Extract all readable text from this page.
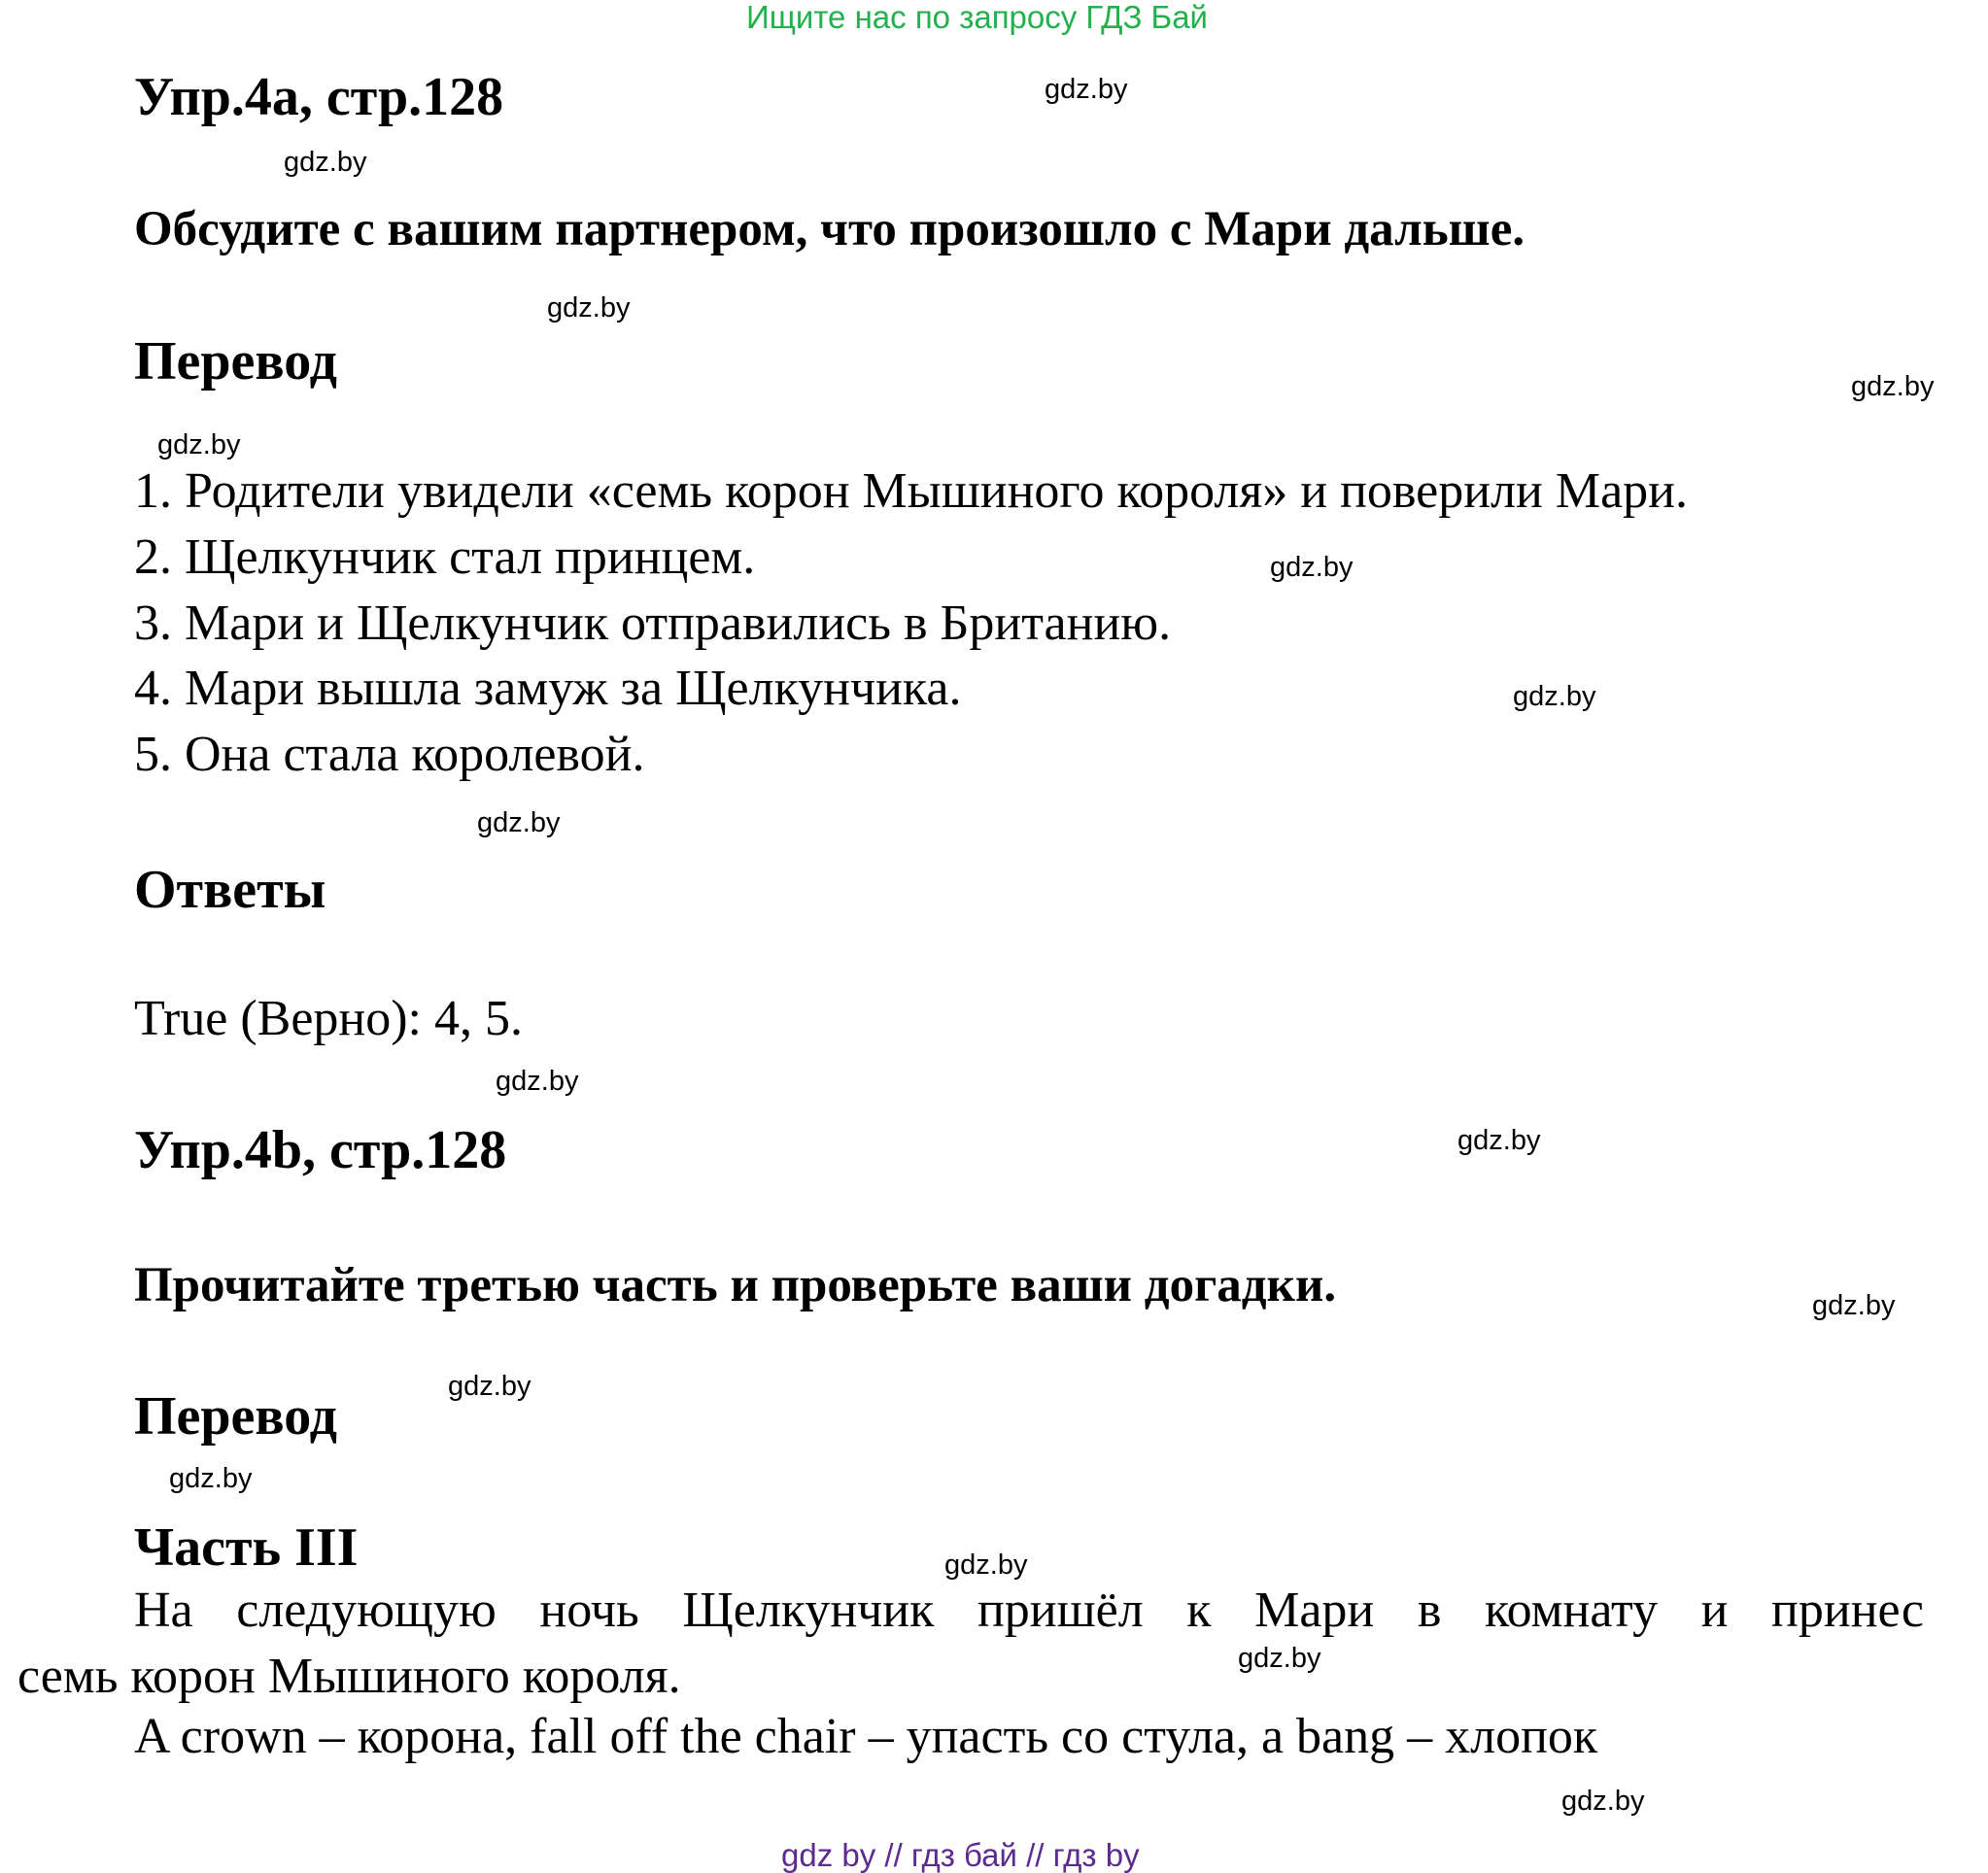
Ищите нас по запросу ГДЗ Бай
Упр.4а, стр.128
Обсудите с вашим партнером, что произошло с Мари дальше.
Перевод
1. Родители увидели «семь корон Мышиного короля» и поверили Мари.
2. Щелкунчик стал принцем.
3. Мари и Щелкунчик отправились в Британию.
4. Мари вышла замуж за Щелкунчика.
5. Она стала королевой.
Ответы
True (Верно): 4, 5.
Упр.4b, стр.128
Прочитайте третью часть и проверьте ваши догадки.
Перевод
Часть III
На следующую ночь Щелкунчик пришёл к Мари в комнату и принес
семь корон Мышиного короля.
A crown – корона, fall off the chair – упасть со стула, a bang – хлопок
gdz.by
gdz.by
gdz.by
gdz.by
gdz.by
gdz.by
gdz.by
gdz.by
gdz.by
gdz.by
gdz.by
gdz.by
gdz.by
gdz.by
gdz.by
gdz.by
gdz by // гдз бай // гдз by
